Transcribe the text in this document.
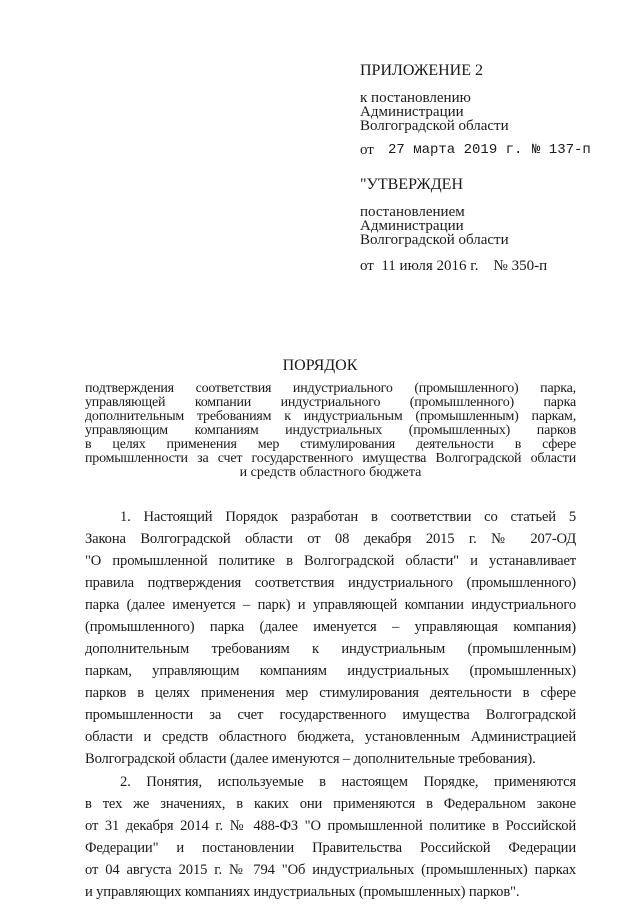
ПРИЛОЖЕНИЕ 2
к постановлению
Администрации
Волгоградской области
от 27 марта 2019 г. № 137-п
"УТВЕРЖДЕН
постановлением
Администрации
Волгоградской области
от  11 июля 2016 г.    № 350-п
ПОРЯДОК
подтверждения соответствия индустриального (промышленного) парка,
управляющей компании индустриального (промышленного) парка
дополнительным требованиям к индустриальным (промышленным) паркам,
управляющим компаниям индустриальных (промышленных) парков
в целях применения мер стимулирования деятельности в сфере
промышленности за счет государственного имущества Волгоградской области
и средств областного бюджета
1. Настоящий Порядок разработан в соответствии со статьей 5
Закона Волгоградской области от 08 декабря 2015 г. № 207-ОД
"О промышленной политике в Волгоградской области" и устанавливает
правила подтверждения соответствия индустриального (промышленного)
парка (далее именуется – парк) и управляющей компании индустриального
(промышленного) парка (далее именуется – управляющая компания)
дополнительным требованиям к индустриальным (промышленным)
паркам, управляющим компаниям индустриальных (промышленных)
парков в целях применения мер стимулирования деятельности в сфере
промышленности за счет государственного имущества Волгоградской
области и средств областного бюджета, установленным Администрацией
Волгоградской области (далее именуются – дополнительные требования).
2. Понятия, используемые в настоящем Порядке, применяются
в тех же значениях, в каких они применяются в Федеральном законе
от 31 декабря 2014 г. № 488-ФЗ "О промышленной политике в Российской
Федерации" и постановлении Правительства Российской Федерации
от 04 августа 2015 г. № 794 "Об индустриальных (промышленных) парках
и управляющих компаниях индустриальных (промышленных) парков".
